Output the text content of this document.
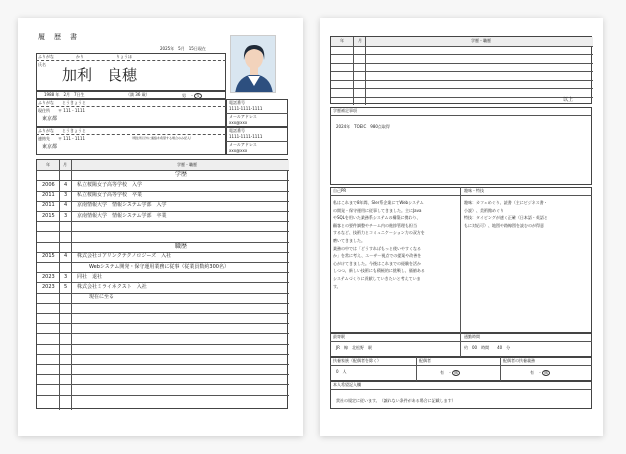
履　歴　書
2025年　5月　15日現在
ふりがな	かり	りょうほ
氏名
加利　良穂
1988 年　2月　7日生	（満 36 歳）	男　・ 女
ふりがな とうきょうと
現住所 〒 111 - 1111
東京都
電話番号
1111-1111-1111
メールアドレス
xxx@xxx
ふりがな とうきょうと
連絡先 〒 111 - 1111	（現住所以外に連絡を希望する場合のみ記入）
東京都
電話番号
1111-1111-1111
メールアドレス
xxx@xxx
年	月	学歴・職歴
学歴
2006 4 私立桜陽女子高等学校　入学
2011 3 私立桜陽女子高等学校　卒業
2011 4 京南情報大学　情報システム学部　入学
2015 3 京南情報大学　情報システム学部　卒業
職歴
2015 4 株式会社コアリンクテクノロジーズ　入社
Webシステム開発・保守運用業務に従事（従業員数約300名）
2023 3 同社　退社
2023 5 株式会社ミライネクスト　入社
現在に至る
年	月	学歴・職歴
以上
学歴補足事項
2024年　TOEIC　980点取得
自己PR	趣味・特技
私はこれまで8年間、SIer系企業にてWebシステム
の開発・保守運用に従事してきました。主にJava
やSQLを用いた業務系システムの構築に携わり、
顧客との要件調整やチーム内の進捗管理も担当
するなど、技術力とコミュニケーション力の双方を
磨いてきました。
業務の中では「どうすればもっと使いやすくなる
か」を常に考え、ユーザー視点での提案や改善を
心がけてきました。今後はこれまでの経験を活か
しつつ、新しい技術にも積極的に挑戦し、価値ある
システムづくりに貢献していきたいと考えていま
す。
趣味：カフェめぐり、読書（主にビジネス書・
小説）、美術館めぐり
特技：タイピングが速く正確（日本語・英語と
もに対応可）、地図や路線図を読むのが得意
最寄駅
JR　線　北松野　駅
通勤時間
約　00　時間　　40　分
扶養家族（配偶者を除く）
0　人
配偶者
有　・ 無
配偶者の扶養義務
有　・ 無
本人希望記入欄
貴社の規定に従います。（譲れない条件がある場合に記載します）
